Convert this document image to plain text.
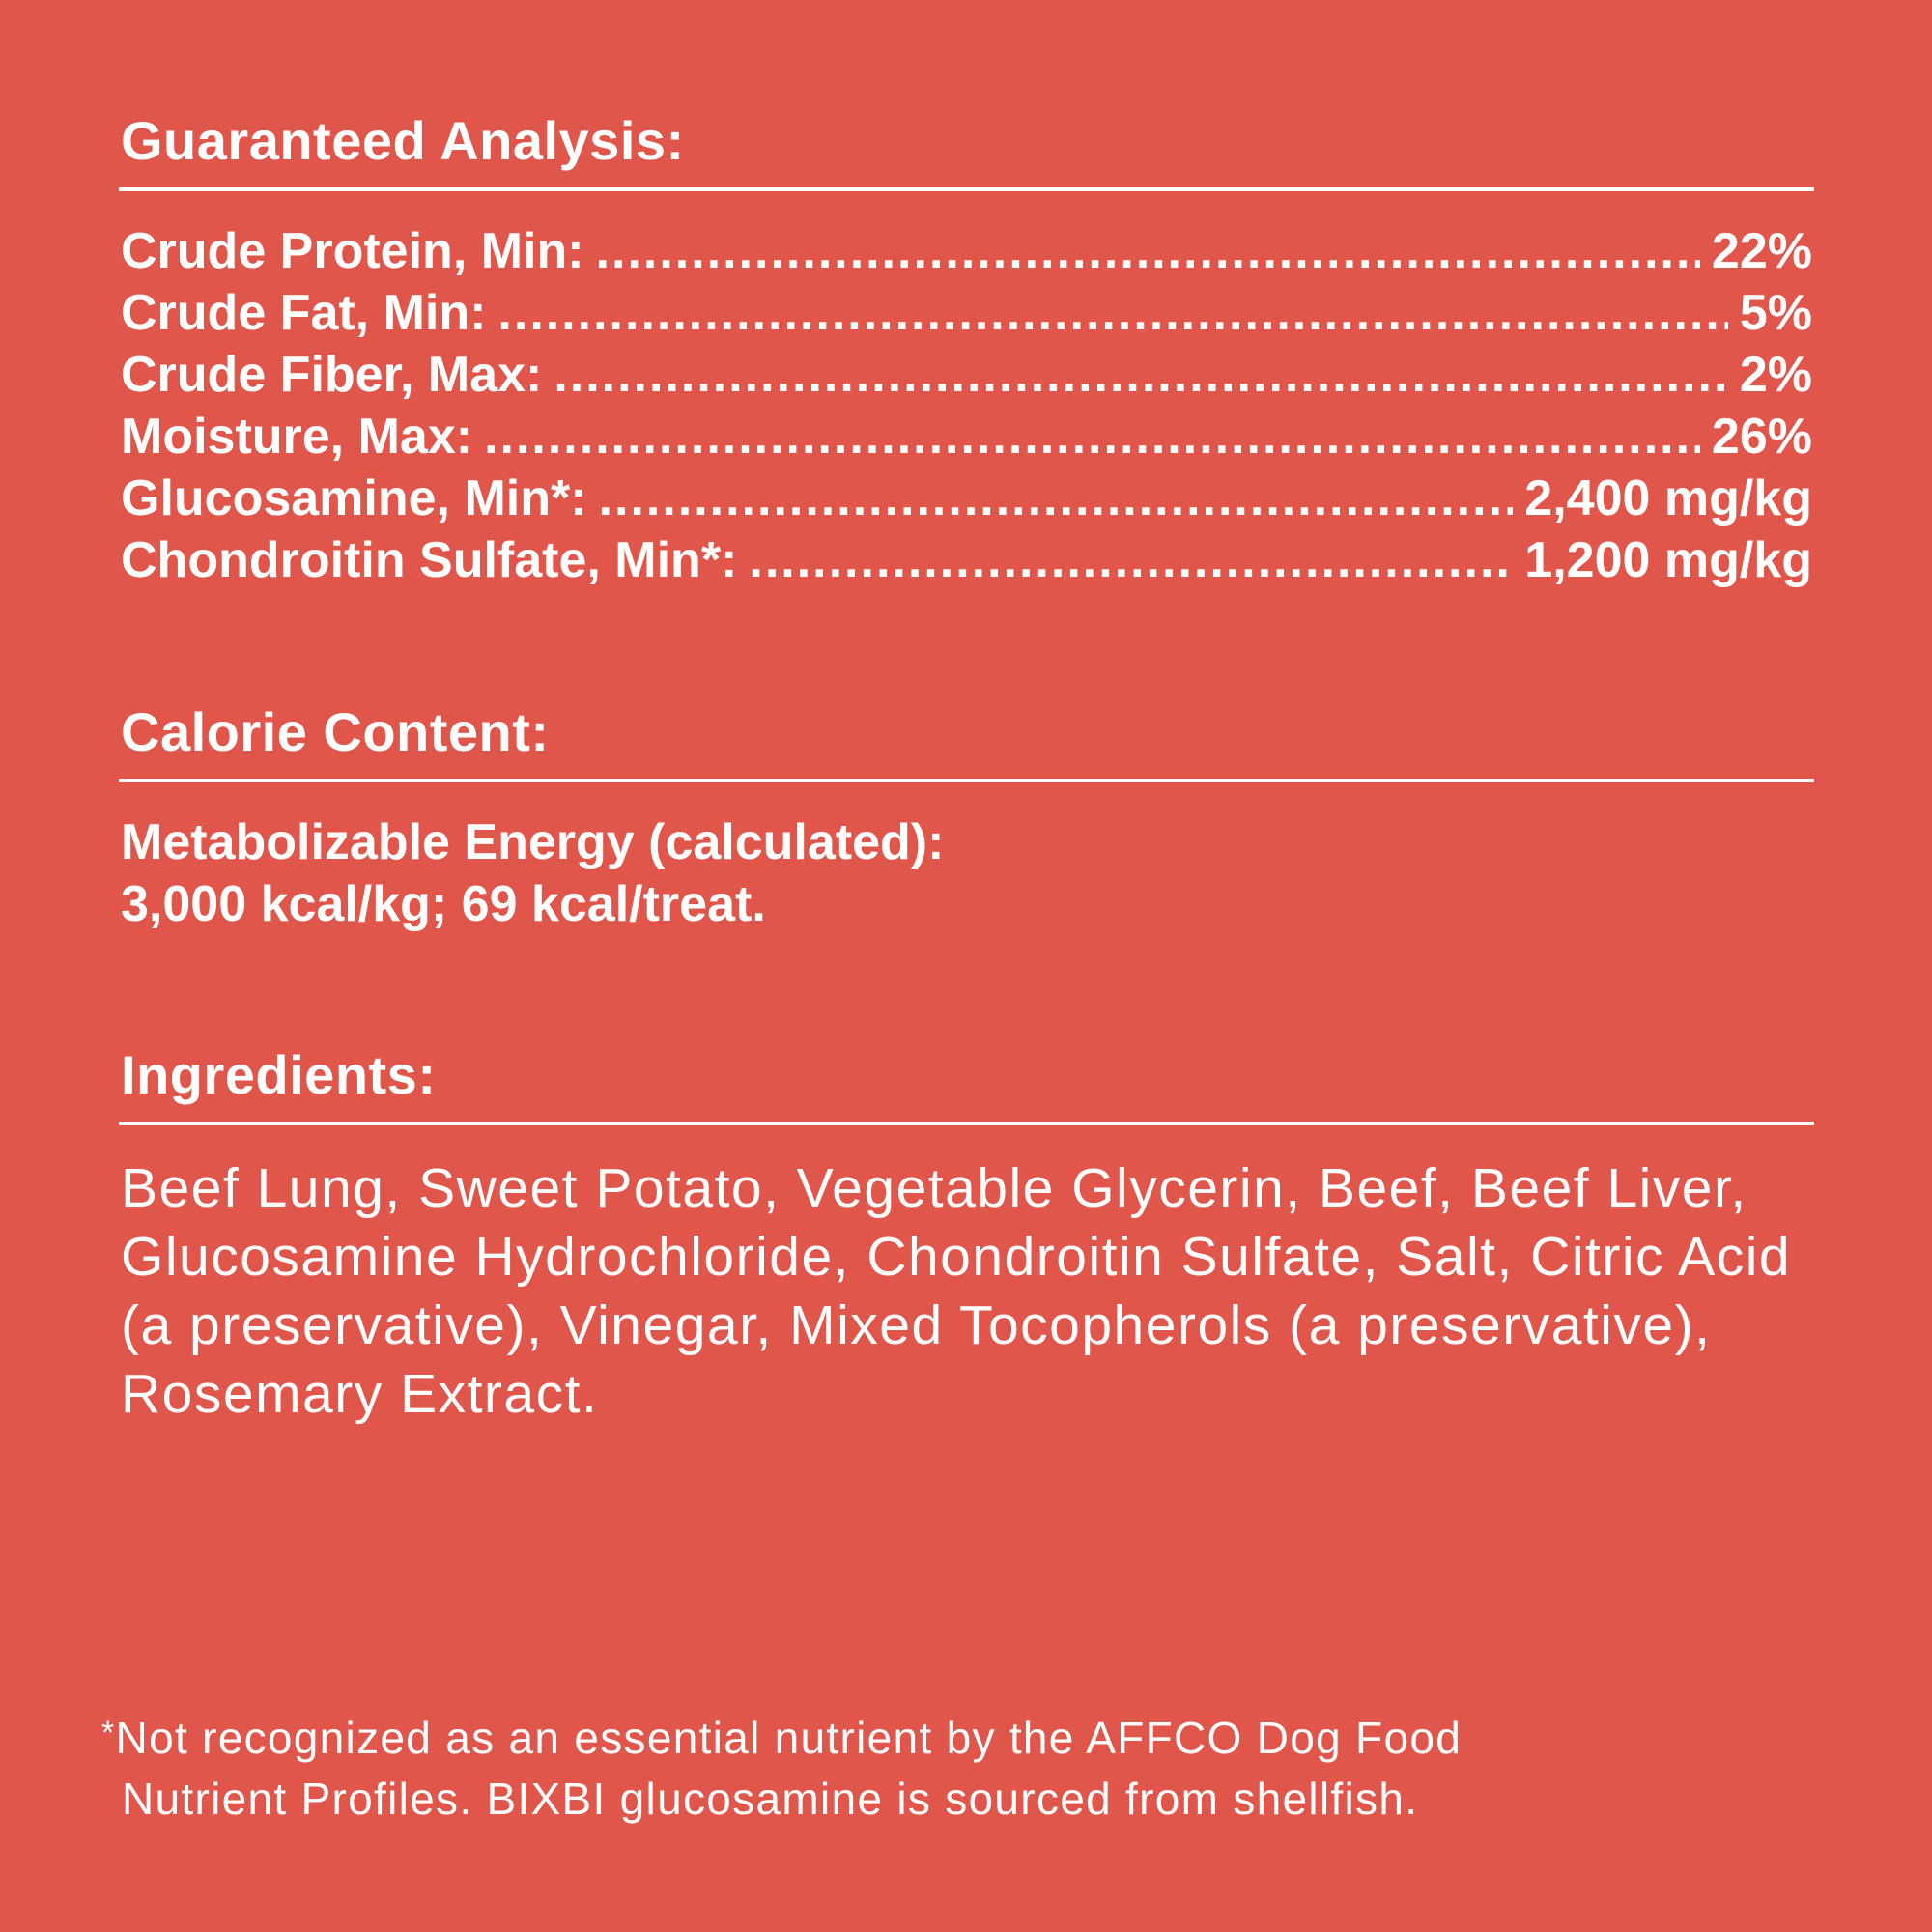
Guaranteed Analysis:
Crude Protein, Min: .....	22%
Crude Fat, Min: .....	5%
Crude Fiber, Max: .....	2%
Moisture, Max: .....	26%
Glucosamine, Min*: .....	2,400 mg/kg
Chondroitin Sulfate, Min*: .....	1,200 mg/kg
Calorie Content:
Metabolizable Energy (calculated):
3,000 kcal/kg; 69 kcal/treat.
Ingredients:
Beef Lung, Sweet Potato, Vegetable Glycerin, Beef, Beef Liver, Glucosamine Hydrochloride, Chondroitin Sulfate, Salt, Citric Acid (a preservative), Vinegar, Mixed Tocopherols (a preservative), Rosemary Extract.
*Not recognized as an essential nutrient by the AFFCO Dog Food
Nutrient Profiles. BIXBI glucosamine is sourced from shellfish.
